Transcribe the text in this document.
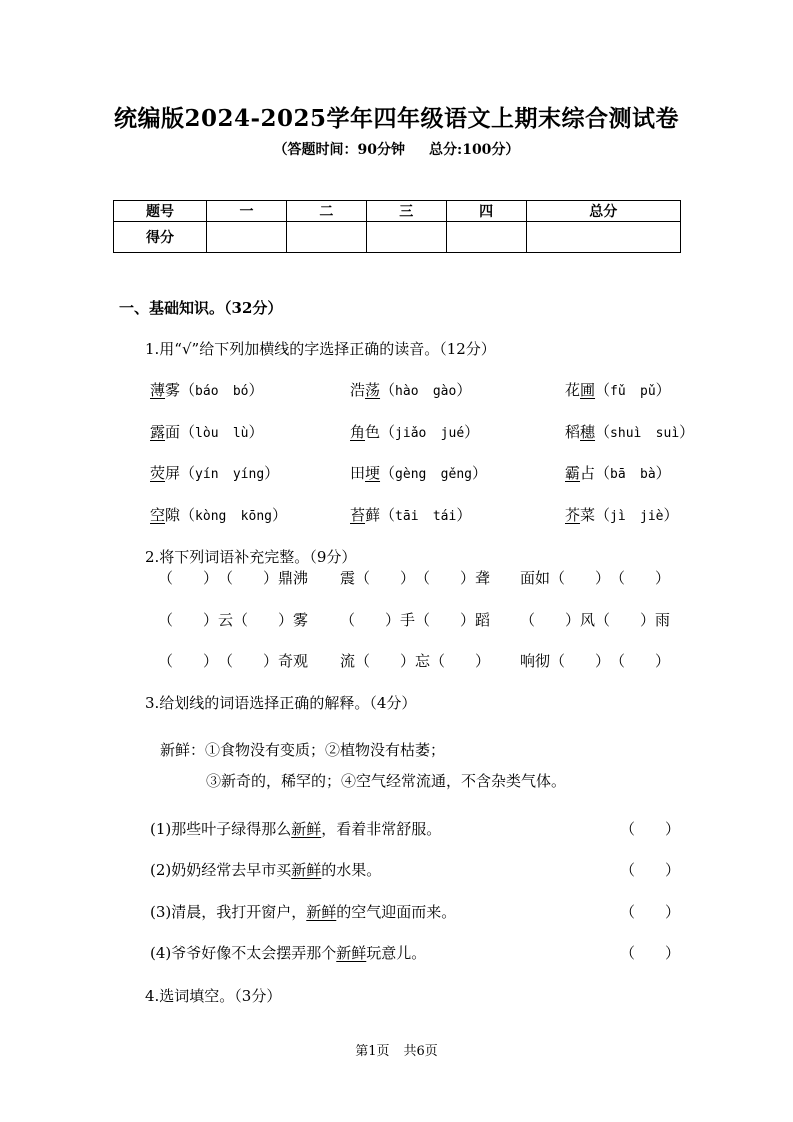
统编版2024-2025学年四年级语文上期末综合测试卷
（答题时间：90分钟 总分:100分）
题号	一	二	三	四	总分
得分					
一、基础知识。（32分）
1.用“√”给下列加横线的字选择正确的读音。（12分）
薄雾（báo bó）	浩荡（hào gào）	花圃（fǔ pǔ）
露面（lòu lù）	角色（jiǎo jué）	稻穗（shuì suì）
荧屏（yín yíng）	田埂（gèng gěng）	霸占（bā bà）
空隙（kòng kōng）	苔藓（tāi tái）	芥菜（jì jiè）
2.将下列词语补充完整。（9分）
（　　）（　　）鼎沸 震（　　）（　　）聋 面如（　　）（　　）
（　　）云（　　）雾 （　　）手（　　）蹈 （　　）风（　　）雨
（　　）（　　）奇观 流（　　）忘（　　） 响彻（　　）（　　）
3.给划线的词语选择正确的解释。（4分）
新鲜：①食物没有变质；②植物没有枯萎；
③新奇的，稀罕的；④空气经常流通，不含杂类气体。
(1)那些叶子绿得那么新鲜，看着非常舒服。	（　　）
(2)奶奶经常去早市买新鲜的水果。	（　　）
(3)清晨，我打开窗户，新鲜的空气迎面而来。	（　　）
(4)爷爷好像不太会摆弄那个新鲜玩意儿。	（　　）
4.选词填空。（3分）
第1页 共6页
